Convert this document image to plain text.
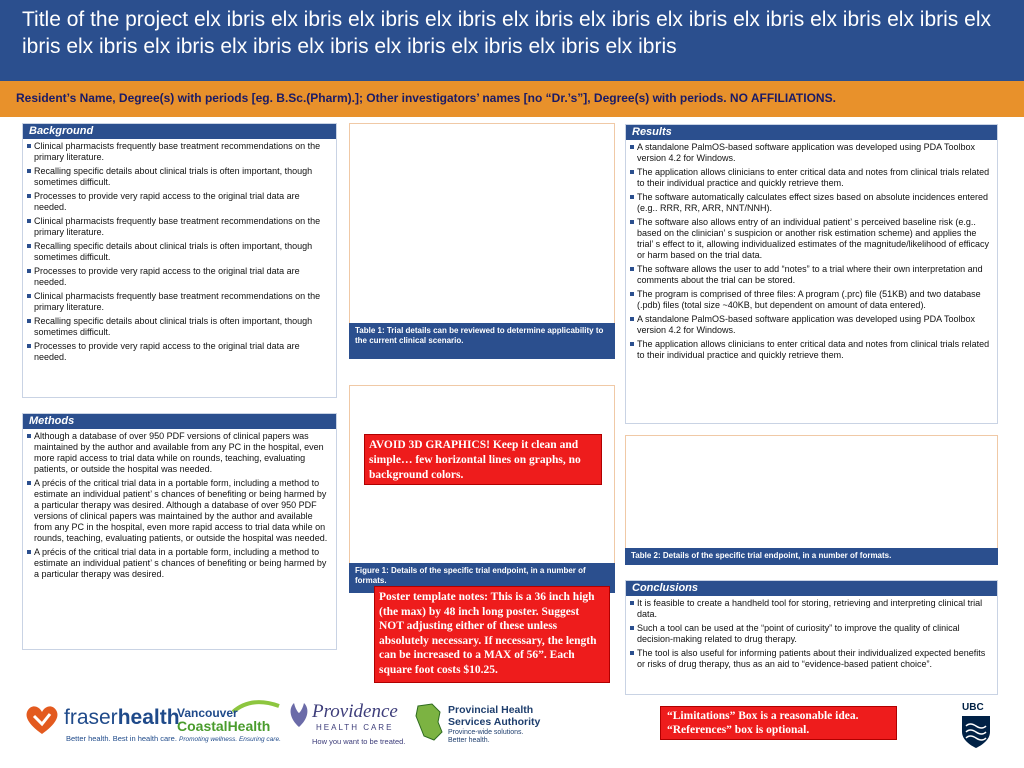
Title of the project elx ibris elx ibris elx ibris elx ibris elx ibris elx ibris elx ibris elx ibris elx ibris elx ibris elx ibris elx ibris elx ibris elx ibris elx ibris elx ibris elx ibris elx ibris elx ibris

Resident’s Name, Degree(s) with periods [eg. B.Sc.(Pharm).]; Other investigators’ names [no “Dr.’s”], Degree(s) with periods. NO AFFILIATIONS.

Background
Clinical pharmacists frequently base treatment recommendations on the primary literature.
Recalling specific details about clinical trials is often important, though sometimes difficult.
Processes to provide very rapid access to the original trial data are needed.
Clinical pharmacists frequently base treatment recommendations on the primary literature.
Recalling specific details about clinical trials is often important, though sometimes difficult.
Processes to provide very rapid access to the original trial data are needed.
Clinical pharmacists frequently base treatment recommendations on the primary literature.
Recalling specific details about clinical trials is often important, though sometimes difficult.
Processes to provide very rapid access to the original trial data are needed.
Methods
Although a database of over 950 PDF versions of clinical papers was maintained by the author and available from any PC in the hospital, even more rapid access to trial data while on rounds, teaching, evaluating patients, or outside the hospital was needed.
A précis of the critical trial data in a portable form, including a method to estimate an individual patient’ s chances of benefiting or being harmed by a particular therapy was desired. Although a database of over 950 PDF versions of clinical papers was maintained by the author and available from any PC in the hospital, even more rapid access to trial data while on rounds, teaching, evaluating patients, or outside the hospital was needed.
A précis of the critical trial data in a portable form, including a method to estimate an individual patient’ s chances of benefiting or being harmed by a particular therapy was desired.
Table 1: Trial details can be reviewed to determine applicability to the current clinical scenario.
Figure 1: Details of the specific trial endpoint, in a number of formats.
Results
A standalone PalmOS-based software application was developed using PDA Toolbox version 4.2 for Windows.
The application allows clinicians to enter critical data and notes from clinical trials related to their individual practice and quickly retrieve them.
The software automatically calculates effect sizes based on absolute incidences entered (e.g.. RRR, RR, ARR, NNT/NNH).
The software also allows entry of an individual patient’ s perceived baseline risk (e.g.. based on the clinician’ s suspicion or another risk estimation scheme) and applies the trial’ s effect to it, allowing individualized estimates of the magnitude/likelihood of efficacy or harm based on the trial data.
The software allows the user to add “notes” to a trial where their own interpretation and comments about the trial can be stored.
The program is comprised of three files: A program (.prc) file (51KB) and two database (.pdb) files (total size ~40KB, but dependent on amount of data entered).
A standalone PalmOS-based software application was developed using PDA Toolbox version 4.2 for Windows.
The application allows clinicians to enter critical data and notes from clinical trials related to their individual practice and quickly retrieve them.
Table 2: Details of the specific trial endpoint, in a number of formats.
Conclusions
It is feasible to create a handheld tool for storing, retrieving and interpreting clinical trial data.
Such a tool can be used at the “point of curiosity” to improve the quality of clinical decision-making related to drug therapy.
The tool is also useful for informing patients about their individualized expected benefits or risks of drug therapy, thus as an aid to “evidence-based patient choice”.
AVOID 3D GRAPHICS! Keep it clean and simple… few horizontal lines on graphs, no background colors.
Poster template notes: This is a 36 inch high (the max) by 48 inch long poster. Suggest NOT adjusting either of these unless absolutely necessary. If necessary, the length can be increased to a MAX of 56”. Each square foot costs $10.25.
“Limitations” Box is a reasonable idea. “References” box is optional.
fraserhealth
Better health. Best in health care.
Vancouver
CoastalHealth
Promoting wellness. Ensuring care.
Providence
HEALTH CARE
How you want to be treated.
Provincial Health
Services Authority
Province-wide solutions.
Better health.
UBC
